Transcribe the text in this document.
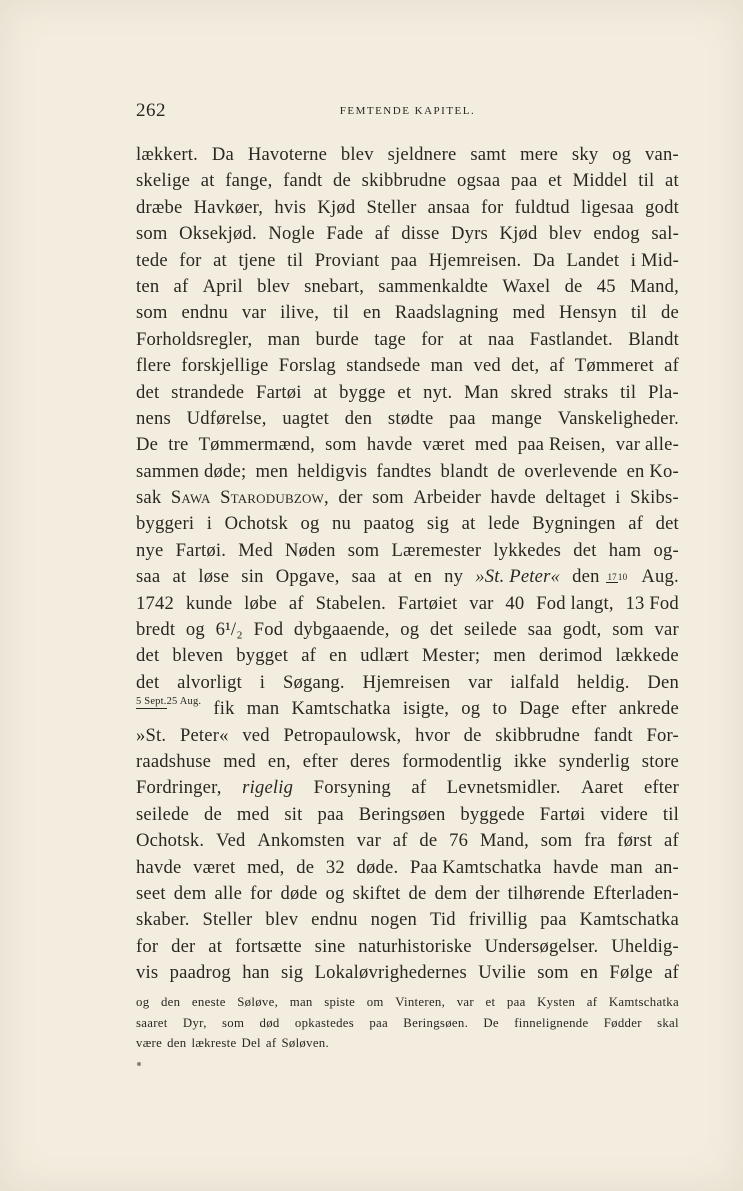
262	FEMTENDE KAPITEL.
lækkert. Da Havoterne blev sjeldnere samt mere sky og van-
skelige at fange, fandt de skibbrudne ogsaa paa et Middel til at
dræbe Havkøer, hvis Kjød Steller ansaa for fuldtud ligesaa godt
som Oksekjød. Nogle Fade af disse Dyrs Kjød blev endog sal-
tede for at tjene til Proviant paa Hjemreisen. Da Landet i Mid-
ten af April blev snebart, sammenkaldte Waxel de 45 Mand,
som endnu var ilive, til en Raadslagning med Hensyn til de
Forholdsregler, man burde tage for at naa Fastlandet. Blandt
flere forskjellige Forslag standsede man ved det, af Tømmeret af
det strandede Fartøi at bygge et nyt. Man skred straks til Pla-
nens Udførelse, uagtet den stødte paa mange Vanskeligheder.
De tre Tømmermænd, som havde været med paa Reisen, var alle-
sammen døde; men heldigvis fandtes blandt de overlevende en Ko-
sak Sawa Starodubzow, der som Arbeider havde deltaget i Skibs-
byggeri i Ochotsk og nu paatog sig at lede Bygningen af det
nye Fartøi. Med Nøden som Læremester lykkedes det ham og-
saa at løse sin Opgave, saa at en ny »St. Peter« den 1710 Aug.
1742 kunde løbe af Stabelen. Fartøiet var 40 Fod langt, 13 Fod
bredt og 6¹/₂ Fod dybgaaende, og det seilede saa godt, som var
det bleven bygget af en udlært Mester; men derimod lækkede
det alvorligt i Søgang. Hjemreisen var ialfald heldig. Den
5 Sept.25 Aug. fik man Kamtschatka isigte, og to Dage efter ankrede
»St. Peter« ved Petropaulowsk, hvor de skibbrudne fandt For-
raadshuse med en, efter deres formodentlig ikke synderlig store
Fordringer, rigelig Forsyning af Levnetsmidler. Aaret efter
seilede de med sit paa Beringsøen byggede Fartøi videre til
Ochotsk. Ved Ankomsten var af de 76 Mand, som fra først af
havde været med, de 32 døde. Paa Kamtschatka havde man an-
seet dem alle for døde og skiftet de dem der tilhørende Efterladen-
skaber. Steller blev endnu nogen Tid frivillig paa Kamtschatka
for der at fortsætte sine naturhistoriske Undersøgelser. Uheldig-
vis paadrog han sig Lokaløvrighedernes Uvilie som en Følge af
og den eneste Søløve, man spiste om Vinteren, var et paa Kysten af Kamtschatka
saaret Dyr, som død opkastedes paa Beringsøen. De finnelignende Fødder skal
være den lækreste Del af Søløven.
